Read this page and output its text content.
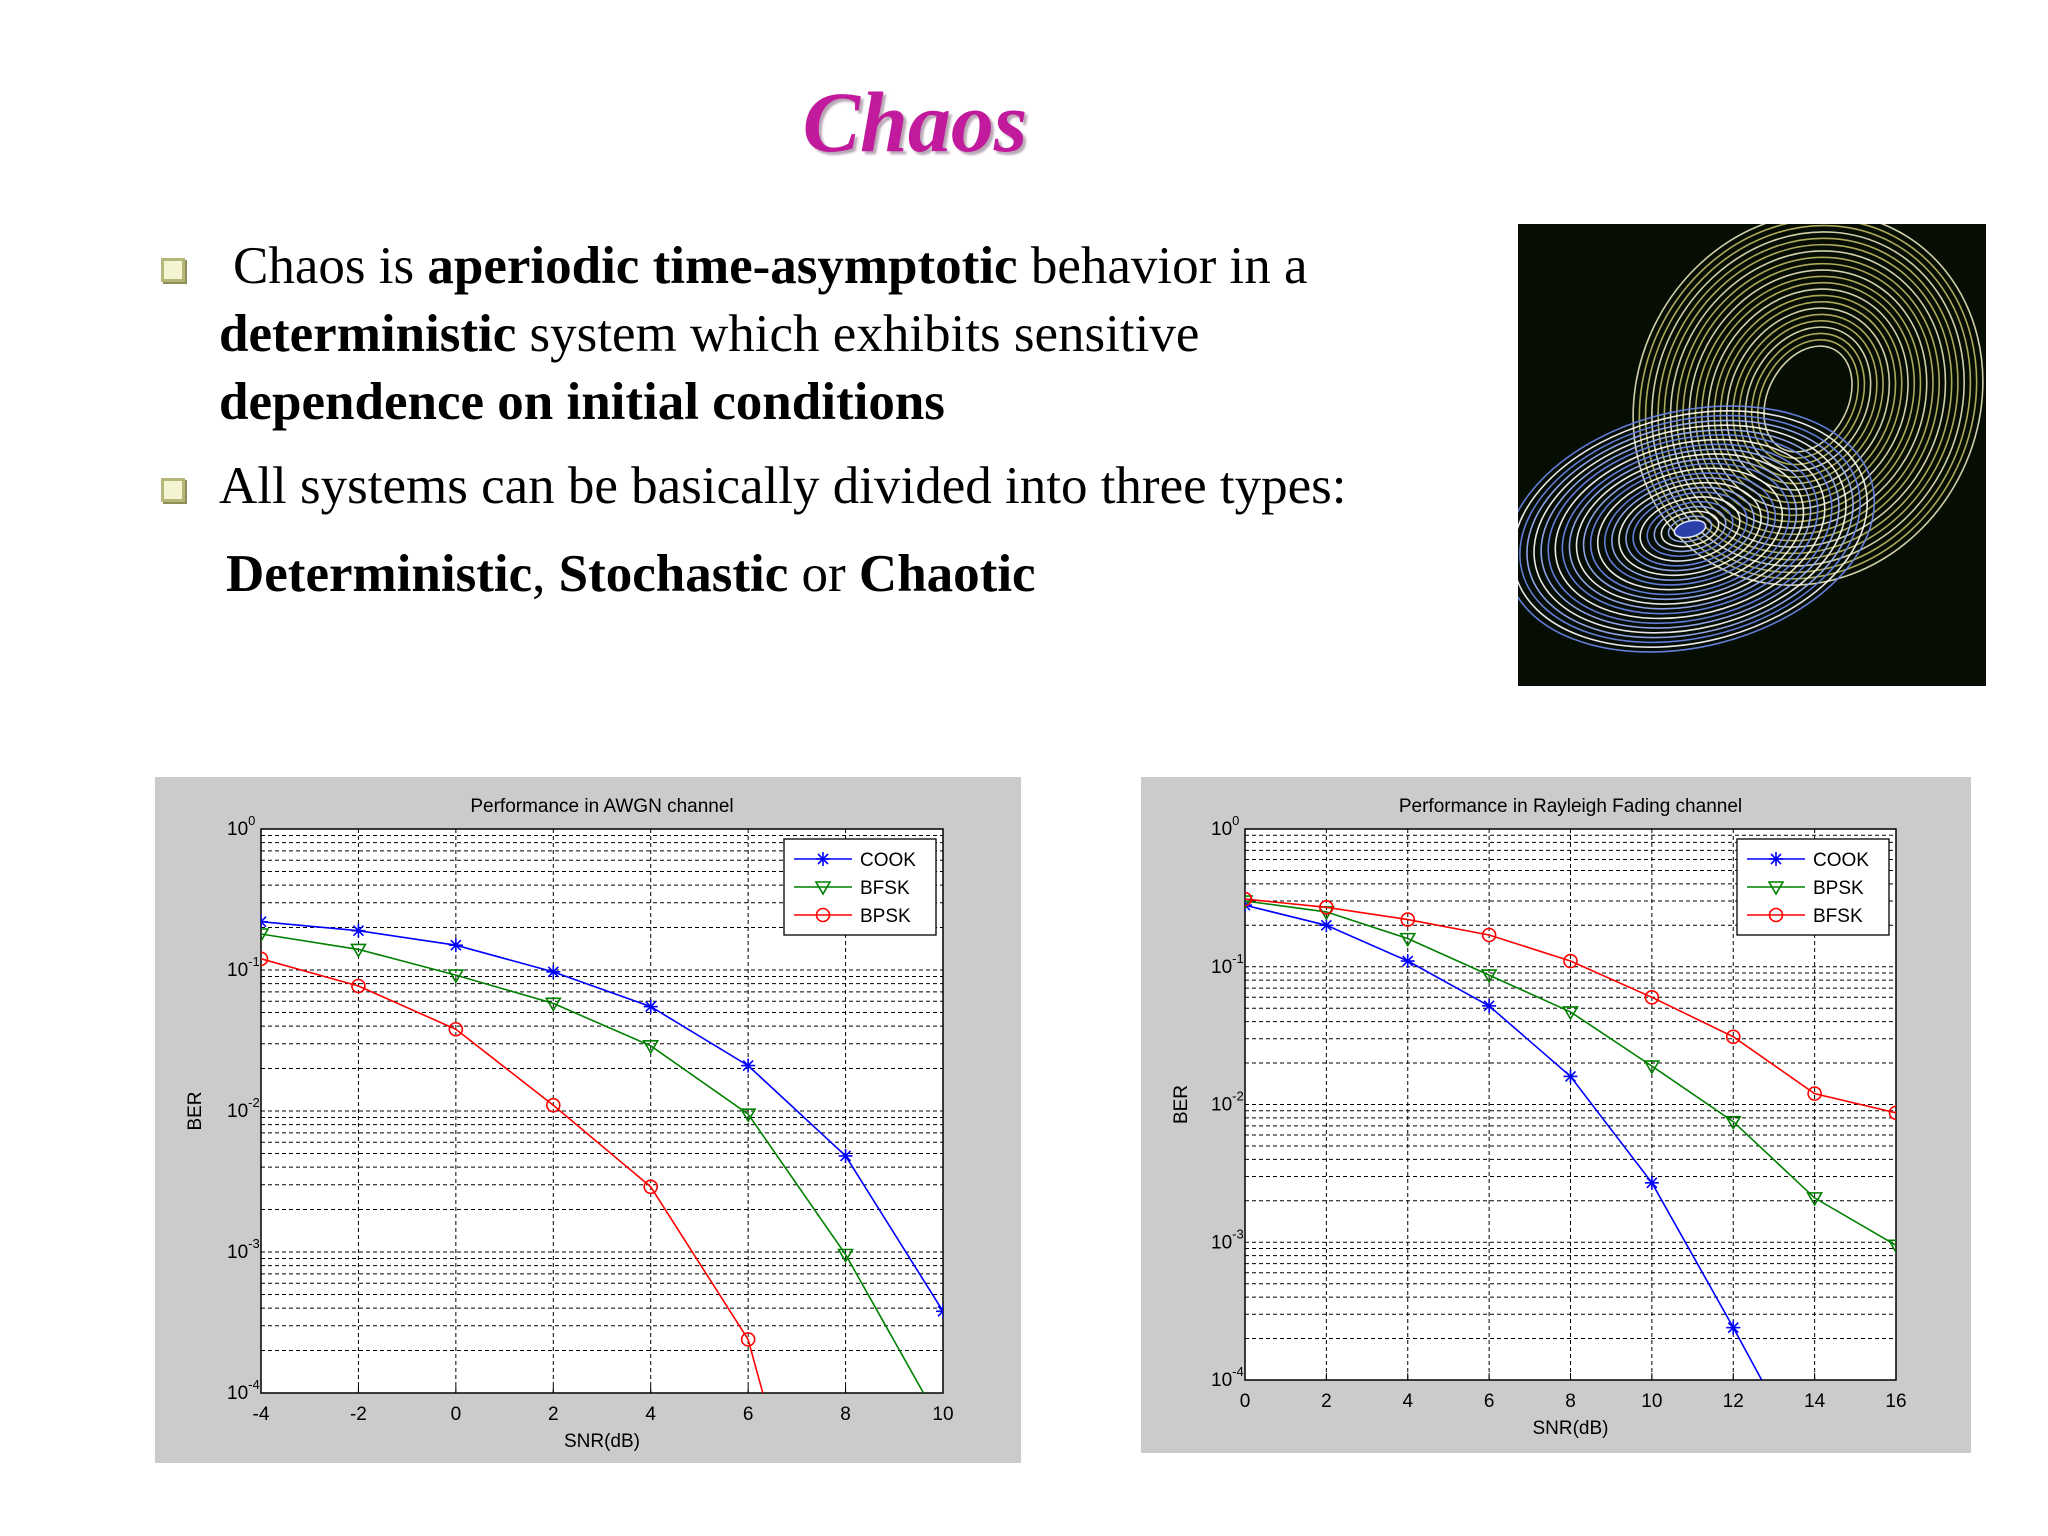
Chaos
Chaos is aperiodic time-asymptotic behavior in a deterministic system which exhibits sensitive dependence on initial conditions
All systems can be basically divided into three types:
Deterministic, Stochastic or Chaotic
-4	-2	0	2	4	6	8	10
$10^{-4}$
$10^{-3}$
$10^{-2}$
$10^{-1}$
$10^0$
Performance in AWGN channel
SNR(dB)
BER
COOK
BFSK
BPSK
0	2	4	6	8	10	12	14	16
$10^{-4}$
$10^{-3}$
$10^{-2}$
$10^{-1}$
$10^0$
Performance in Rayleigh Fading channel
SNR(dB)
BER
COOK
BPSK
BFSK
